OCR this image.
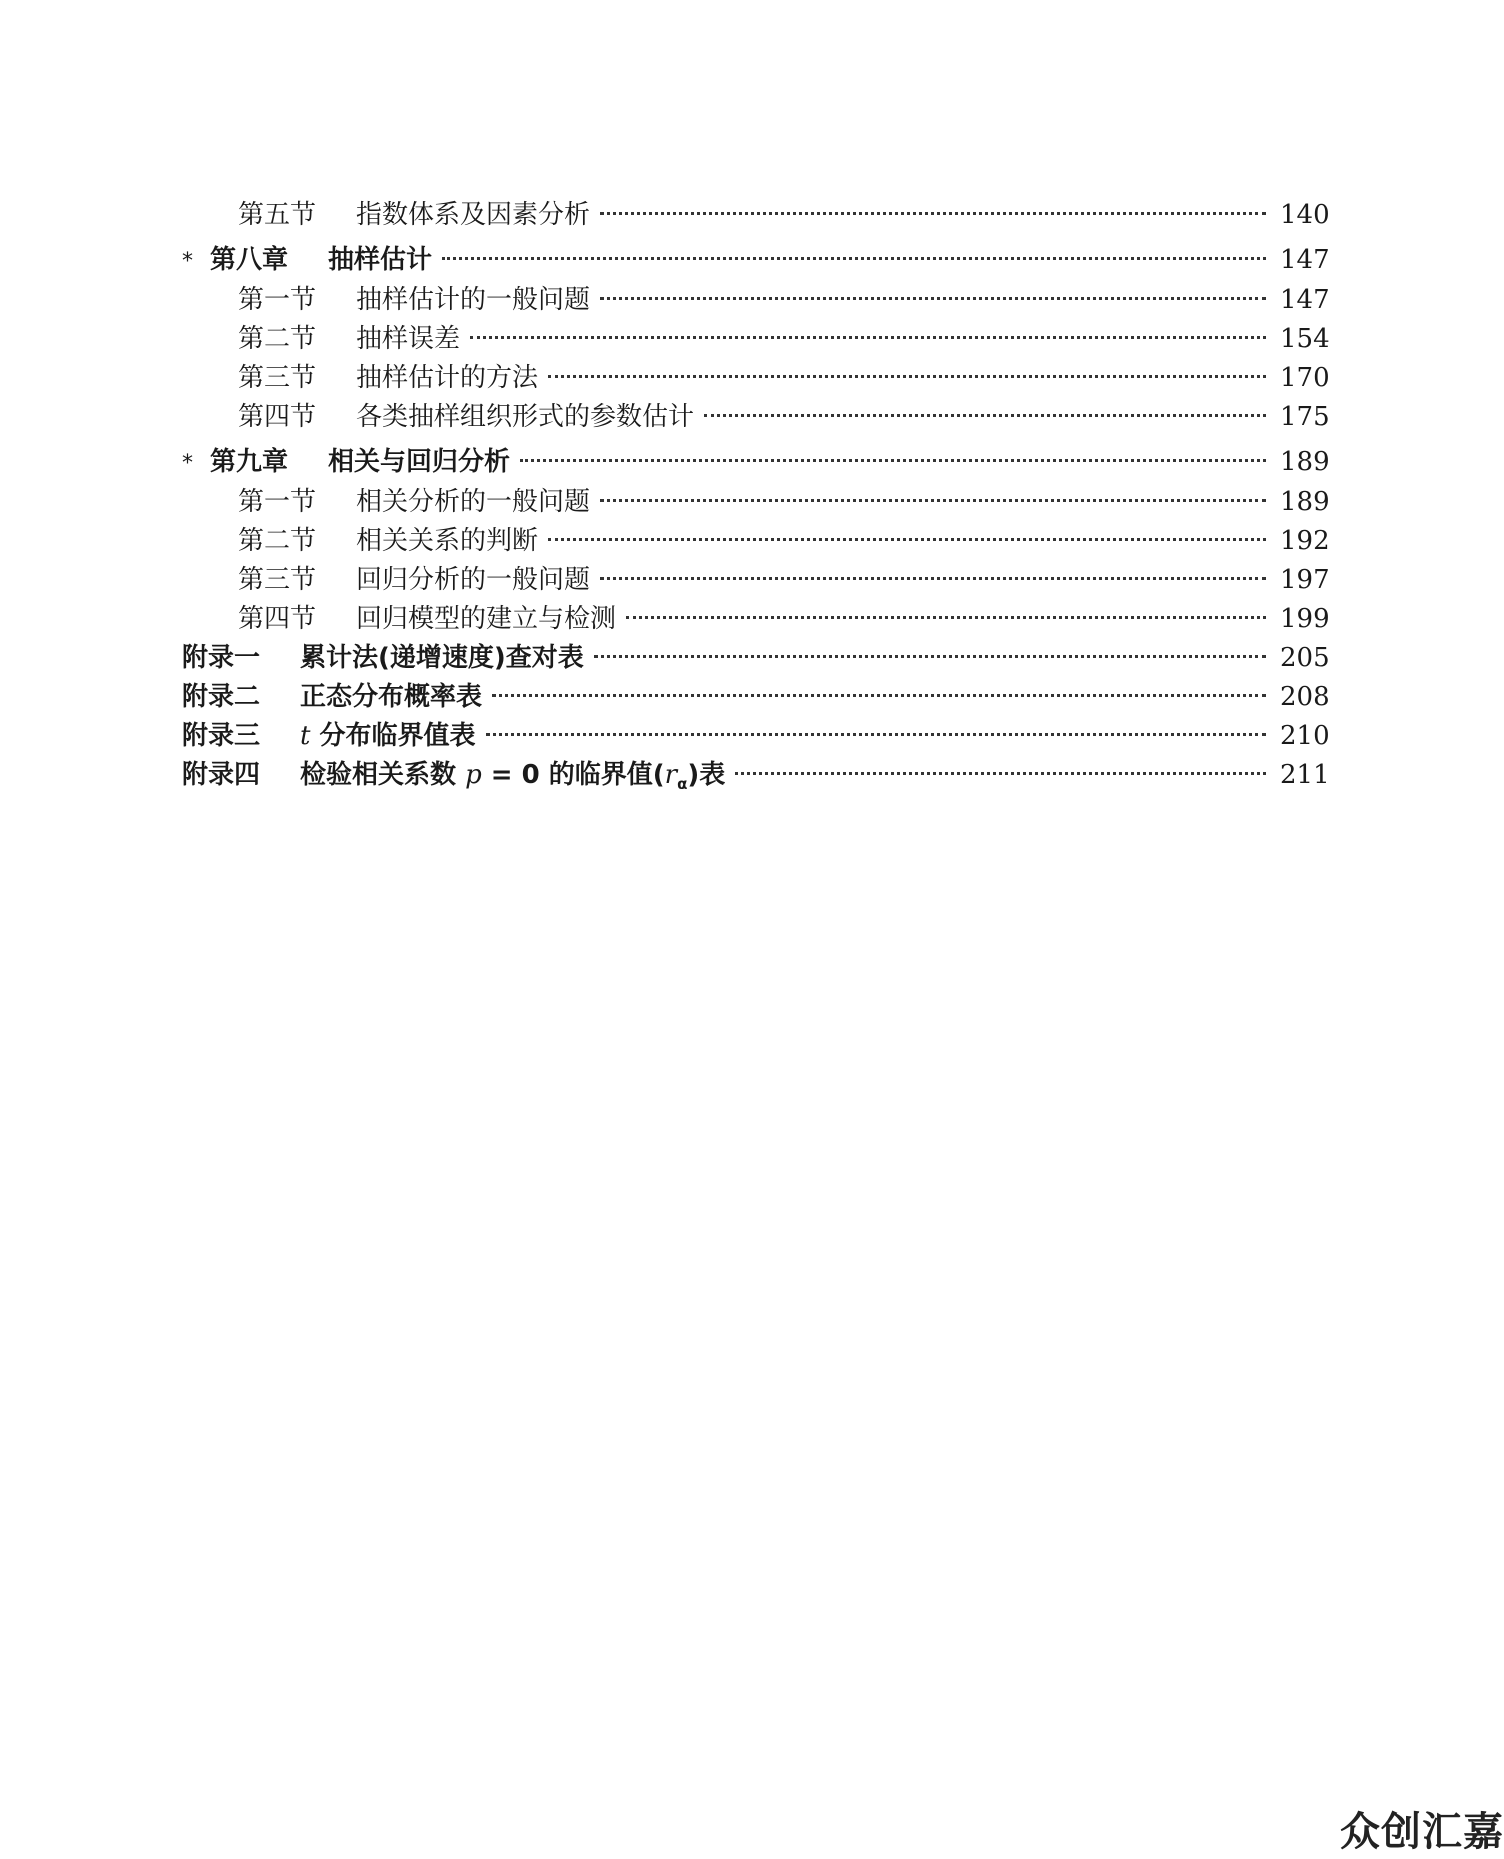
第五节 指数体系及因素分析	140
* 第八章 抽样估计	147
第一节 抽样估计的一般问题	147
第二节 抽样误差	154
第三节 抽样估计的方法	170
第四节 各类抽样组织形式的参数估计	175
* 第九章 相关与回归分析	189
第一节 相关分析的一般问题	189
第二节 相关关系的判断	192
第三节 回归分析的一般问题	197
第四节 回归模型的建立与检测	199
附录一 累计法(递增速度)查对表	205
附录二 正态分布概率表	208
附录三 t 分布临界值表	210
附录四 检验相关系数 p = 0 的临界值$(r_\alpha)$表	211
众创汇嘉
